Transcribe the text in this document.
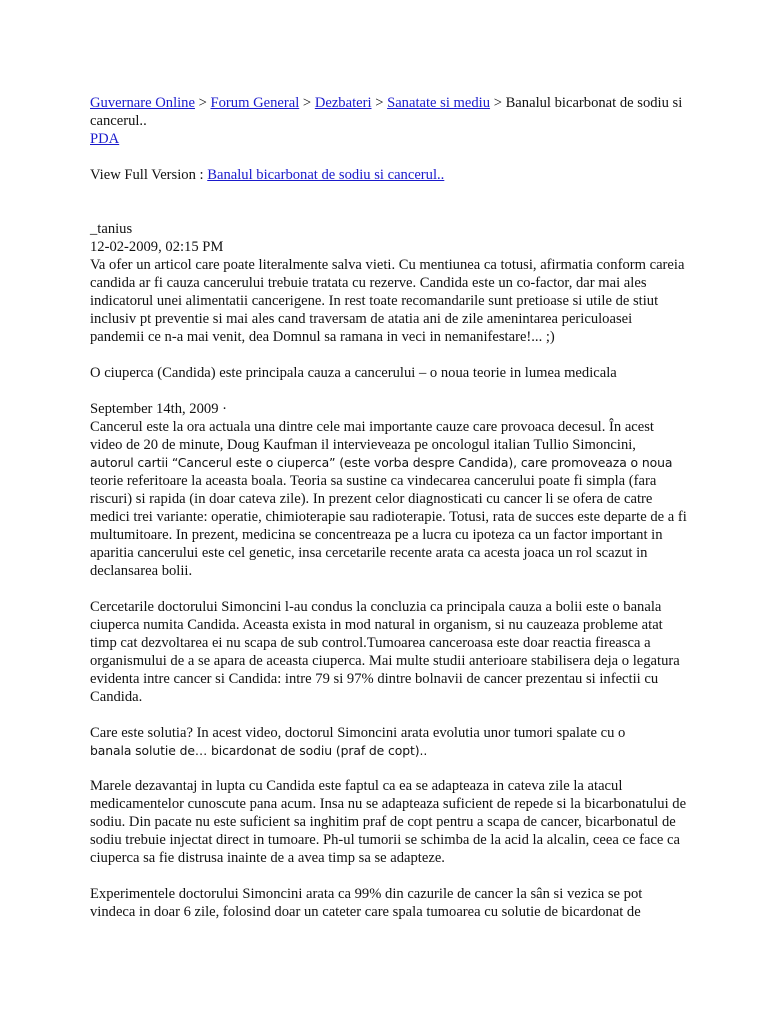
Guvernare Online > Forum General > Dezbateri > Sanatate si mediu > Banalul bicarbonat de sodiu si cancerul..
PDA
View Full Version : Banalul bicarbonat de sodiu si cancerul..
_tanius
12-02-2009, 02:15 PM

Va ofer un articol care poate literalmente salva vieti. Cu mentiunea ca totusi, afirmatia conform careia candida ar fi cauza cancerului trebuie tratata cu rezerve. Candida este un co-factor, dar mai ales indicatorul unei alimentatii cancerigene. In rest toate recomandarile sunt pretioase si utile de stiut inclusiv pt preventie si mai ales cand traversam de atatia ani de zile amenintarea periculoasei pandemii ce n-a mai venit, dea Domnul sa ramana in veci in nemanifestare!... ;)

O ciuperca (Candida) este principala cauza a cancerului – o noua teorie in lumea medicala

September 14th, 2009 ·

Cancerul este la ora actuala una dintre cele mai importante cauze care provoaca decesul. În acest video de 20 de minute, Doug Kaufman il intervieveaza pe oncologul italian Tullio Simoncini,
autorul cartii “Cancerul este o ciuperca” (este vorba despre Candida), care promoveaza o noua
teorie referitoare la aceasta boala. Teoria sa sustine ca vindecarea cancerului poate fi simpla (fara riscuri) si rapida (in doar cateva zile). In prezent celor diagnosticati cu cancer li se ofera de catre medici trei variante: operatie, chimioterapie sau radioterapie. Totusi, rata de succes este departe de a fi multumitoare. In prezent, medicina se concentreaza pe a lucra cu ipoteza ca un factor important in aparitia cancerului este cel genetic, insa cercetarile recente arata ca acesta joaca un rol scazut in declansarea bolii.

Cercetarile doctorului Simoncini l-au condus la concluzia ca principala cauza a bolii este o banala ciuperca numita Candida. Aceasta exista in mod natural in organism, si nu cauzeaza probleme atat timp cat dezvoltarea ei nu scapa de sub control.Tumoarea canceroasa este doar reactia fireasca a organismului de a se apara de aceasta ciuperca. Mai multe studii anterioare stabilisera deja o legatura evidenta intre cancer si Candida: intre 79 si 97% dintre bolnavii de cancer prezentau si infectii cu Candida.

Care este solutia? In acest video, doctorul Simoncini arata evolutia unor tumori spalate cu o
banala solutie de… bicardonat de sodiu (praf de copt)..

Marele dezavantaj in lupta cu Candida este faptul ca ea se adapteaza in cateva zile la atacul medicamentelor cunoscute pana acum. Insa nu se adapteaza suficient de repede si la bicarbonatului de sodiu. Din pacate nu este suficient sa inghitim praf de copt pentru a scapa de cancer, bicarbonatul de sodiu trebuie injectat direct in tumoare. Ph-ul tumorii se schimba de la acid la alcalin, ceea ce face ca ciuperca sa fie distrusa inainte de a avea timp sa se adapteze.

Experimentele doctorului Simoncini arata ca 99% din cazurile de cancer la sân si vezica se pot vindeca in doar 6 zile, folosind doar un cateter care spala tumoarea cu solutie de bicardonat de
